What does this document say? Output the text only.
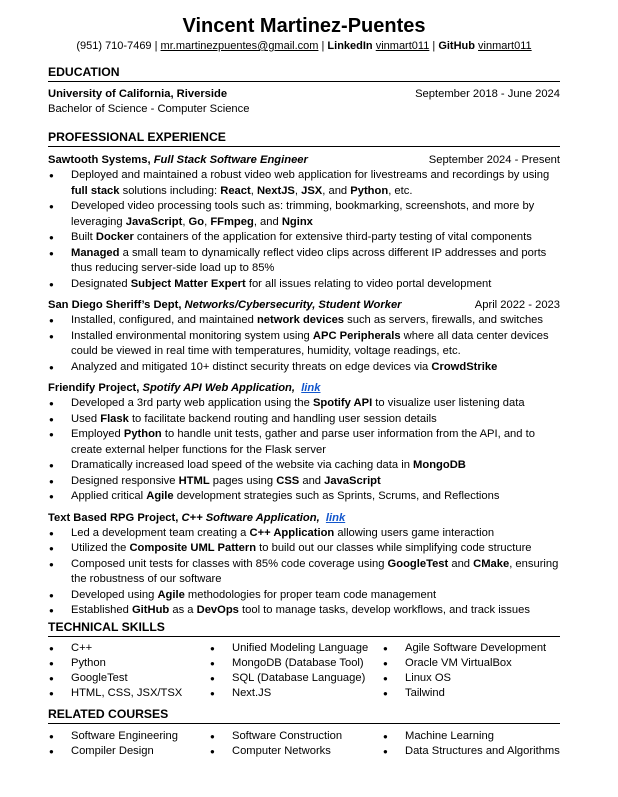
Vincent Martinez-Puentes
(951) 710-7469 | mr.martinezpuentes@gmail.com | LinkedIn vinmart011 | GitHub vinmart011
EDUCATION
University of California, Riverside	September 2018 - June 2024
Bachelor of Science - Computer Science
PROFESSIONAL EXPERIENCE
Sawtooth Systems, Full Stack Software Engineer	September 2024 - Present
● Deployed and maintained a robust video web application for livestreams and recordings by using full stack solutions including: React, NextJS, JSX, and Python, etc.
● Developed video processing tools such as: trimming, bookmarking, screenshots, and more by leveraging JavaScript, Go, FFmpeg, and Nginx
● Built Docker containers of the application for extensive third-party testing of vital components
● Managed a small team to dynamically reflect video clips across different IP addresses and ports thus reducing server-side load up to 85%
● Designated Subject Matter Expert for all issues relating to video portal development
San Diego Sheriff’s Dept, Networks/Cybersecurity, Student Worker	April 2022 - 2023
● Installed, configured, and maintained network devices such as servers, firewalls, and switches
● Installed environmental monitoring system using APC Peripherals where all data center devices could be viewed in real time with temperatures, humidity, voltage readings, etc.
● Analyzed and mitigated 10+ distinct security threats on edge devices via CrowdStrike
Friendify Project, Spotify API Web Application, link
● Developed a 3rd party web application using the Spotify API to visualize user listening data
● Used Flask to facilitate backend routing and handling user session details
● Employed Python to handle unit tests, gather and parse user information from the API, and to create external helper functions for the Flask server
● Dramatically increased load speed of the website via caching data in MongoDB
● Designed responsive HTML pages using CSS and JavaScript
● Applied critical Agile development strategies such as Sprints, Scrums, and Reflections
Text Based RPG Project, C++ Software Application, link
● Led a development team creating a C++ Application allowing users game interaction
● Utilized the Composite UML Pattern to build out our classes while simplifying code structure
● Composed unit tests for classes with 85% code coverage using GoogleTest and CMake, ensuring the robustness of our software
● Developed using Agile methodologies for proper team code management
● Established GitHub as a DevOps tool to manage tasks, develop workflows, and track issues
TECHNICAL SKILLS
● C++	● Unified Modeling Language	● Agile Software Development
● Python	● MongoDB (Database Tool)	● Oracle VM VirtualBox
● GoogleTest	● SQL (Database Language)	● Linux OS
● HTML, CSS, JSX/TSX	● Next.JS	● Tailwind
RELATED COURSES
● Software Engineering	● Software Construction	● Machine Learning
● Compiler Design	● Computer Networks	● Data Structures and Algorithms
